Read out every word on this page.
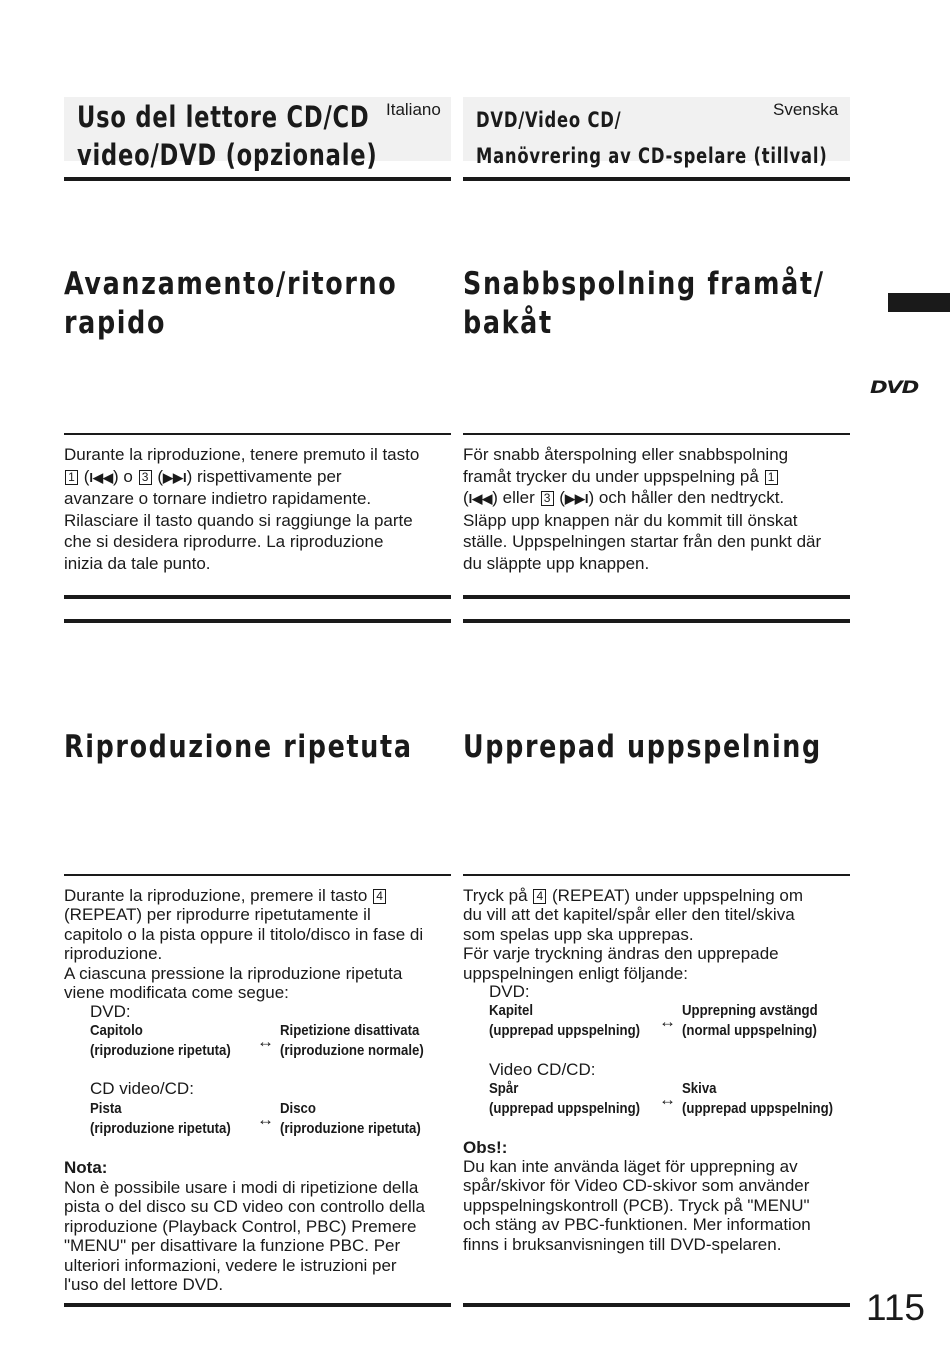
Uso del lettore CD/CD
video/DVD (opzionale)
Italiano DVD/Video CD/
Manövrering av CD-spelare (tillval)
Svenska
DVD
Avanzamento/ritorno
rapido
Snabbspolning framåt/
bakåt
Durante la riproduzione, tenere premuto il tasto
1 (I◀◀) o 3 (▶▶I) rispettivamente per
avanzare o tornare indietro rapidamente.
Rilasciare il tasto quando si raggiunge la parte
che si desidera riprodurre. La riproduzione
inizia da tale punto.
För snabb återspolning eller snabbspolning
framåt trycker du under uppspelning på 1
(I◀◀) eller 3 (▶▶I) och håller den nedtryckt.
Släpp upp knappen när du kommit till önskat
ställe. Uppspelningen startar från den punkt där
du släppte upp knappen.
Riproduzione ripetuta Upprepad uppspelning
Durante la riproduzione, premere il tasto 4
(REPEAT) per riprodurre ripetutamente il
capitolo o la pista oppure il titolo/disco in fase di
riproduzione.
A ciascuna pressione la riproduzione ripetuta
viene modificata come segue:
DVD:
Capitolo
(riproduzione ripetuta) ↔
Ripetizione disattivata
(riproduzione normale)
CD video/CD:
Pista
(riproduzione ripetuta) ↔
Disco
(riproduzione ripetuta)
Nota:
Non è possibile usare i modi di ripetizione della
pista o del disco su CD video con controllo della
riproduzione (Playback Control, PBC) Premere
"MENU" per disattivare la funzione PBC. Per
ulteriori informazioni, vedere le istruzioni per
l'uso del lettore DVD.
Tryck på 4 (REPEAT) under uppspelning om
du vill att det kapitel/spår eller den titel/skiva
som spelas upp ska upprepas.
För varje tryckning ändras den upprepade
uppspelningen enligt följande:
DVD:
Kapitel
(upprepad uppspelning) ↔
Upprepning avstängd
(normal uppspelning)
Video CD/CD:
Spår
(upprepad uppspelning) ↔
Skiva
(upprepad uppspelning)
Obs!:
Du kan inte använda läget för upprepning av
spår/skivor för Video CD-skivor som använder
uppspelningskontroll (PCB). Tryck på "MENU"
och stäng av PBC-funktionen. Mer information
finns i bruksanvisningen till DVD-spelaren.
115
